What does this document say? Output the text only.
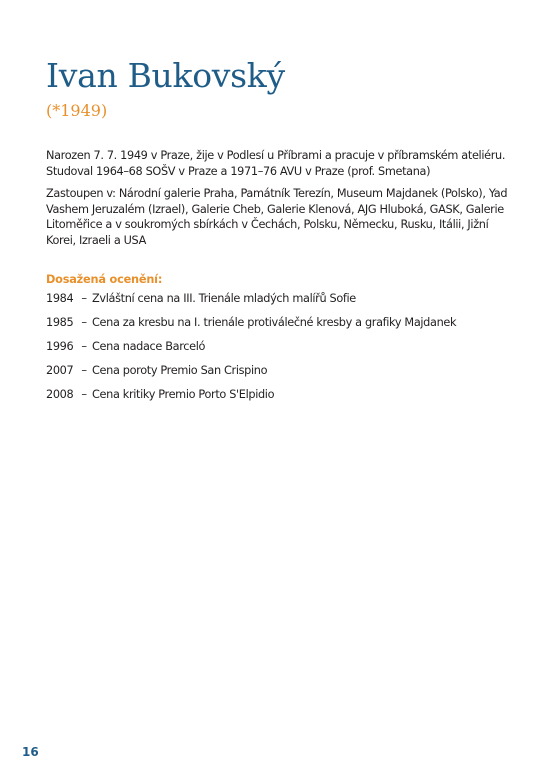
Ivan Bukovský
(*1949)

Narozen 7. 7. 1949 v Praze, žije v Podlesí u Příbrami a pracuje v příbramském ateliéru. Studoval 1964–68 SOŠV v Praze a 1971–76 AVU v Praze (prof. Smetana)

Zastoupen v: Národní galerie Praha, Památník Terezín, Museum Majdanek (Polsko), Yad Vashem Jeruzalém (Izrael), Galerie Cheb, Galerie Klenová, AJG Hluboká, GASK, Galerie Litoměřice a v soukromých sbírkách v Čechách, Polsku, Německu, Rusku, Itálii, Jižní Korei, Izraeli a USA

Dosažená ocenění:
1984 – Zvláštní cena na III. Trienále mladých malířů Sofie
1985 – Cena za kresbu na I. trienále protiválečné kresby a grafiky Majdanek
1996 – Cena nadace Barceló
2007 – Cena poroty Premio San Crispino
2008 – Cena kritiky Premio Porto S'Elpidio
16
